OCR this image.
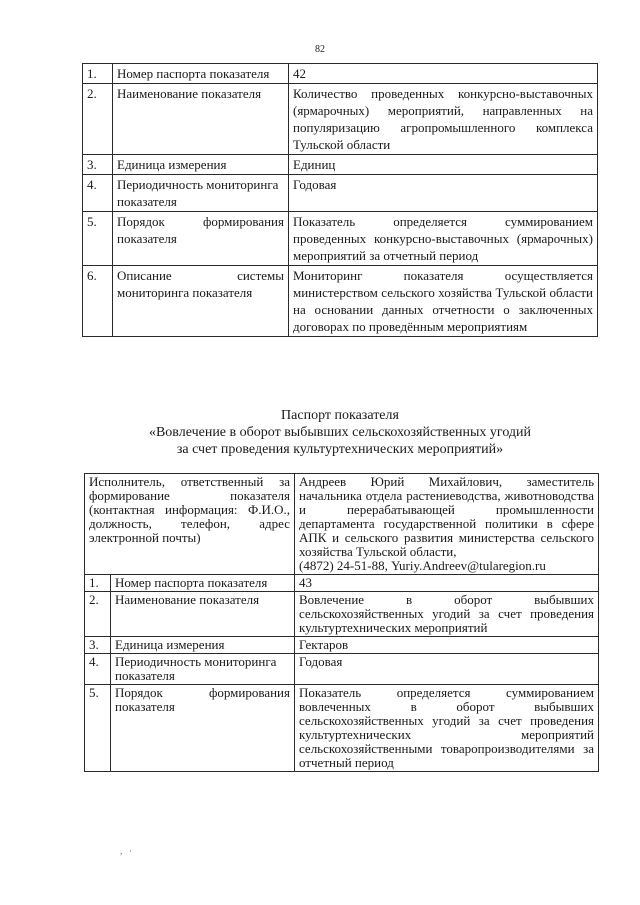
82
1.	Номер паспорта показателя	42
2.	Наименование показателя	Количество проведенных конкурсно-выставочных (ярмарочных) мероприятий, направленных на популяризацию агропромышленного комплекса Тульской области
3.	Единица измерения	Единиц
4.	Периодичность мониторинга показателя	Годовая
5.	Порядок формирования показателя	Показатель определяется суммированием проведенных конкурсно-выставочных (ярмарочных) мероприятий за отчетный период
6.	Описание системы мониторинга показателя	Мониторинг показателя осуществляется министерством сельского хозяйства Тульской области на основании данных отчетности о заключенных договорах по проведённым мероприятиям
Паспорт показателя
«Вовлечение в оборот выбывших сельскохозяйственных угодий
за счет проведения культуртехнических мероприятий»
Исполнитель, ответственный за формирование показателя (контактная информация: Ф.И.О., должность, телефон, адрес электронной почты)		Андреев Юрий Михайлович, заместитель начальника отдела растениеводства, животноводства и перерабатывающей промышленности департамента государственной политики в сфере АПК и сельского развития министерства сельского хозяйства Тульской области,
(4872) 24-51-88, Yuriy.Andreev@tularegion.ru
1.	Номер паспорта показателя	43
2.	Наименование показателя	Вовлечение в оборот выбывших сельскохозяйственных угодий за счет проведения культуртехнических мероприятий
3.	Единица измерения	Гектаров
4.	Периодичность мониторинга показателя	Годовая
5.	Порядок формирования показателя	Показатель определяется суммированием вовлеченных в оборот выбывших сельскохозяйственных угодий за счет проведения культуртехнических мероприятий сельскохозяйственными товаропроизводителями за отчетный период
,   ·
